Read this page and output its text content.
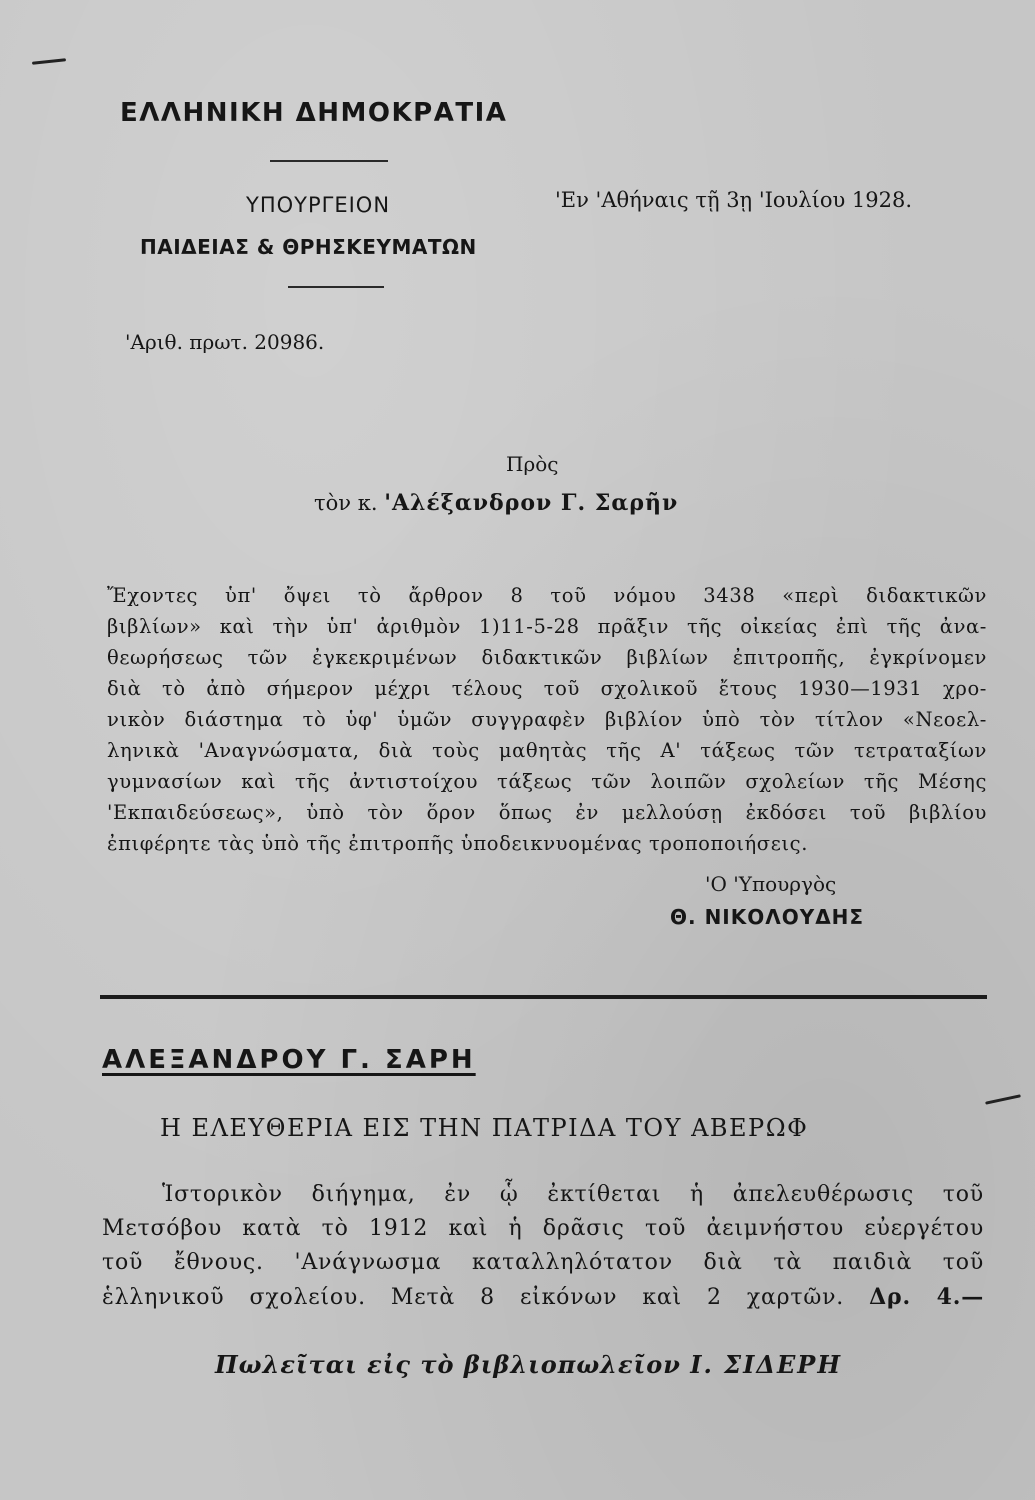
ΕΛΛΗΝΙΚΗ ΔΗΜΟΚΡΑΤΙΑ
ΥΠΟΥΡΓΕΙΟΝ
ΠΑΙΔΕΙΑΣ & ΘΡΗΣΚΕΥΜΑΤΩΝ
'Εν 'Αθήναις τῇ 3ῃ 'Ιουλίου 1928.
'Αριθ. πρωτ. 20986.
Πρὸς
τὸν κ. 'Αλέξανδρον Γ. Σαρῆν
Ἔχοντες ὑπ' ὄψει τὸ ἄρθρον 8 τοῦ νόμου 3438 «περὶ διδακτικῶν
βιβλίων» καὶ τὴν ὑπ' ἀριθμὸν 1)11-5-28 πρᾶξιν τῆς οἰκείας ἐπὶ τῆς ἀνα-
θεωρήσεως τῶν ἐγκεκριμένων διδακτικῶν βιβλίων ἐπιτροπῆς, ἐγκρίνομεν
διὰ τὸ ἀπὸ σήμερον μέχρι τέλους τοῦ σχολικοῦ ἔτους 1930—1931 χρο-
νικὸν διάστημα τὸ ὑφ' ὑμῶν συγγραφὲν βιβλίον ὑπὸ τὸν τίτλον «Νεοελ-
ληνικὰ 'Αναγνώσματα, διὰ τοὺς μαθητὰς τῆς Α' τάξεως τῶν τετραταξίων
γυμνασίων καὶ τῆς ἀντιστοίχου τάξεως τῶν λοιπῶν σχολείων τῆς Μέσης
'Εκπαιδεύσεως», ὑπὸ τὸν ὅρον ὅπως ἐν μελλούσῃ ἐκδόσει τοῦ βιβλίου
ἐπιφέρητε τὰς ὑπὸ τῆς ἐπιτροπῆς ὑποδεικνυομένας τροποποιήσεις.
'Ο 'Υπουργὸς
Θ. ΝΙΚΟΛΟΥΔΗΣ
ΑΛΕΞΑΝΔΡΟΥ Γ. ΣΑΡΗ
Η ΕΛΕΥΘΕΡΙΑ ΕΙΣ ΤΗΝ ΠΑΤΡΙΔΑ ΤΟΥ ΑΒΕΡΩΦ
Ἱστορικὸν διήγημα, ἐν ᾧ ἐκτίθεται ἡ ἀπελευθέρωσις τοῦ
Μετσόβου κατὰ τὸ 1912 καὶ ἡ δρᾶσις τοῦ ἀειμνήστου εὐεργέτου
τοῦ ἔθνους. 'Ανάγνωσμα καταλληλότατον διὰ τὰ παιδιὰ τοῦ
ἑλληνικοῦ σχολείου. Μετὰ 8 εἰκόνων καὶ 2 χαρτῶν. Δρ. 4.—
Πωλεῖται εἰς τὸ βιβλιοπωλεῖον Ι. ΣΙΔΕΡΗ
